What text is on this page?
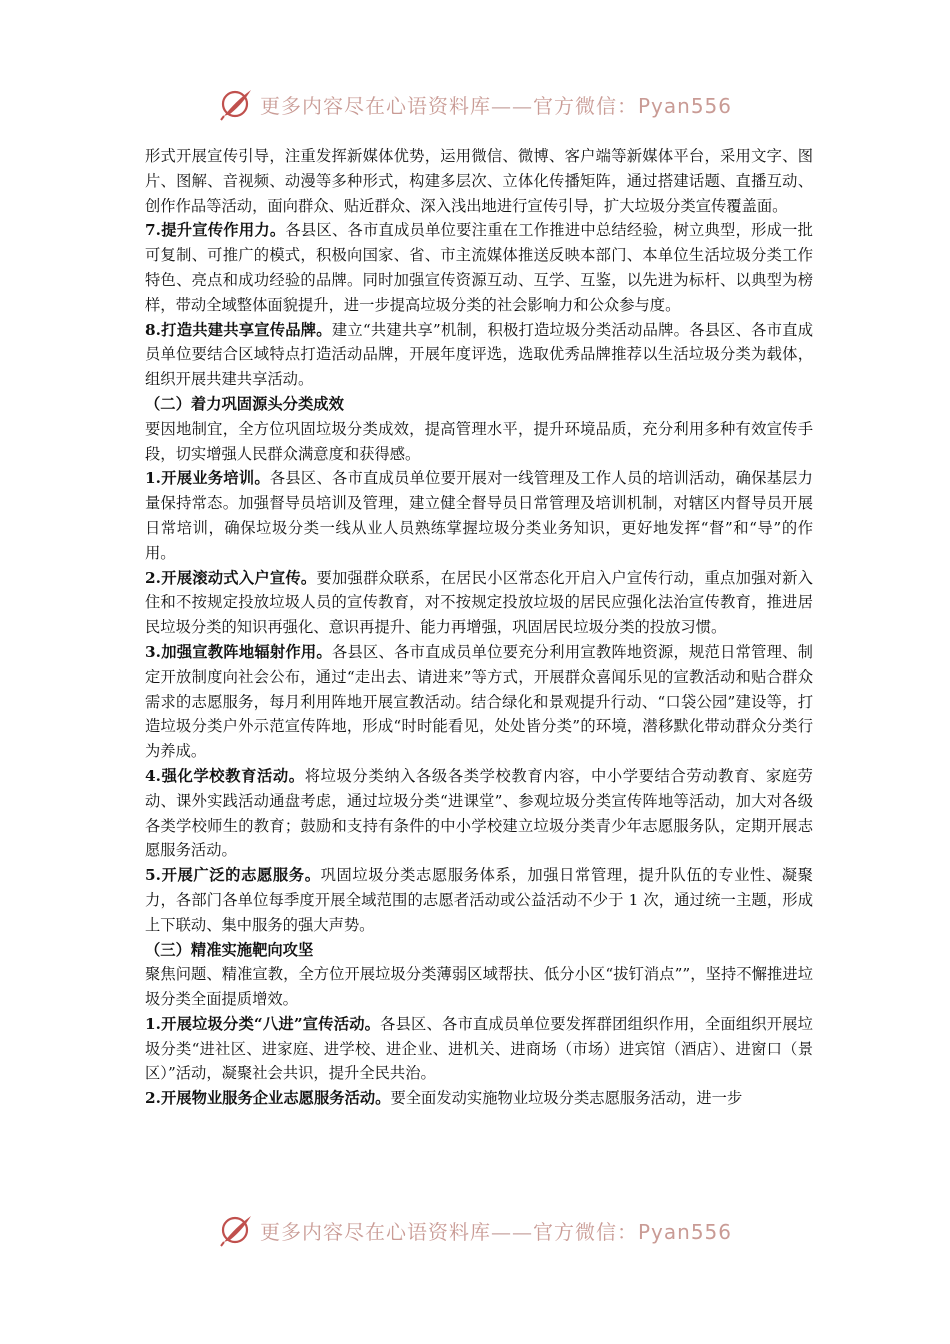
更多内容尽在心语资料库——官方微信：Pyan556

形式开展宣传引导，注重发挥新媒体优势，运用微信、微博、客户端等新媒体平台，采用文字、图片、图解、音视频、动漫等多种形式，构建多层次、立体化传播矩阵，通过搭建话题、直播互动、创作作品等活动，面向群众、贴近群众、深入浅出地进行宣传引导，扩大垃圾分类宣传覆盖面。

7.提升宣传作用力。各县区、各市直成员单位要注重在工作推进中总结经验，树立典型，形成一批可复制、可推广的模式，积极向国家、省、市主流媒体推送反映本部门、本单位生活垃圾分类工作特色、亮点和成功经验的品牌。同时加强宣传资源互动、互学、互鉴，以先进为标杆、以典型为榜样，带动全域整体面貌提升，进一步提高垃圾分类的社会影响力和公众参与度。

8.打造共建共享宣传品牌。建立“共建共享”机制，积极打造垃圾分类活动品牌。各县区、各市直成员单位要结合区域特点打造活动品牌，开展年度评选，选取优秀品牌推荐以生活垃圾分类为载体，组织开展共建共享活动。

（二）着力巩固源头分类成效

要因地制宜，全方位巩固垃圾分类成效，提高管理水平，提升环境品质，充分利用多种有效宣传手段，切实增强人民群众满意度和获得感。

1.开展业务培训。各县区、各市直成员单位要开展对一线管理及工作人员的培训活动，确保基层力量保持常态。加强督导员培训及管理，建立健全督导员日常管理及培训机制，对辖区内督导员开展日常培训，确保垃圾分类一线从业人员熟练掌握垃圾分类业务知识，更好地发挥“督”和“导”的作用。

2.开展滚动式入户宣传。要加强群众联系，在居民小区常态化开启入户宣传行动，重点加强对新入住和不按规定投放垃圾人员的宣传教育，对不按规定投放垃圾的居民应强化法治宣传教育，推进居民垃圾分类的知识再强化、意识再提升、能力再增强，巩固居民垃圾分类的投放习惯。

3.加强宣教阵地辐射作用。各县区、各市直成员单位要充分利用宣教阵地资源，规范日常管理、制定开放制度向社会公布，通过“走出去、请进来”等方式，开展群众喜闻乐见的宣教活动和贴合群众需求的志愿服务，每月利用阵地开展宣教活动。结合绿化和景观提升行动、“口袋公园”建设等，打造垃圾分类户外示范宣传阵地，形成“时时能看见，处处皆分类”的环境，潜移默化带动群众分类行为养成。

4.强化学校教育活动。将垃圾分类纳入各级各类学校教育内容，中小学要结合劳动教育、家庭劳动、课外实践活动通盘考虑，通过垃圾分类“进课堂”、参观垃圾分类宣传阵地等活动，加大对各级各类学校师生的教育；鼓励和支持有条件的中小学校建立垃圾分类青少年志愿服务队，定期开展志愿服务活动。

5.开展广泛的志愿服务。巩固垃圾分类志愿服务体系，加强日常管理，提升队伍的专业性、凝聚力，各部门各单位每季度开展全域范围的志愿者活动或公益活动不少于 1 次，通过统一主题，形成上下联动、集中服务的强大声势。

（三）精准实施靶向攻坚

聚焦问题、精准宣教，全方位开展垃圾分类薄弱区域帮扶、低分小区“拔钉消点””，坚持不懈推进垃圾分类全面提质增效。

1.开展垃圾分类“八进”宣传活动。各县区、各市直成员单位要发挥群团组织作用，全面组织开展垃圾分类“进社区、进家庭、进学校、进企业、进机关、进商场（市场）进宾馆（酒店）、进窗口（景区）”活动，凝聚社会共识，提升全民共治。

2.开展物业服务企业志愿服务活动。要全面发动实施物业垃圾分类志愿服务活动，进一步

更多内容尽在心语资料库——官方微信：Pyan556
